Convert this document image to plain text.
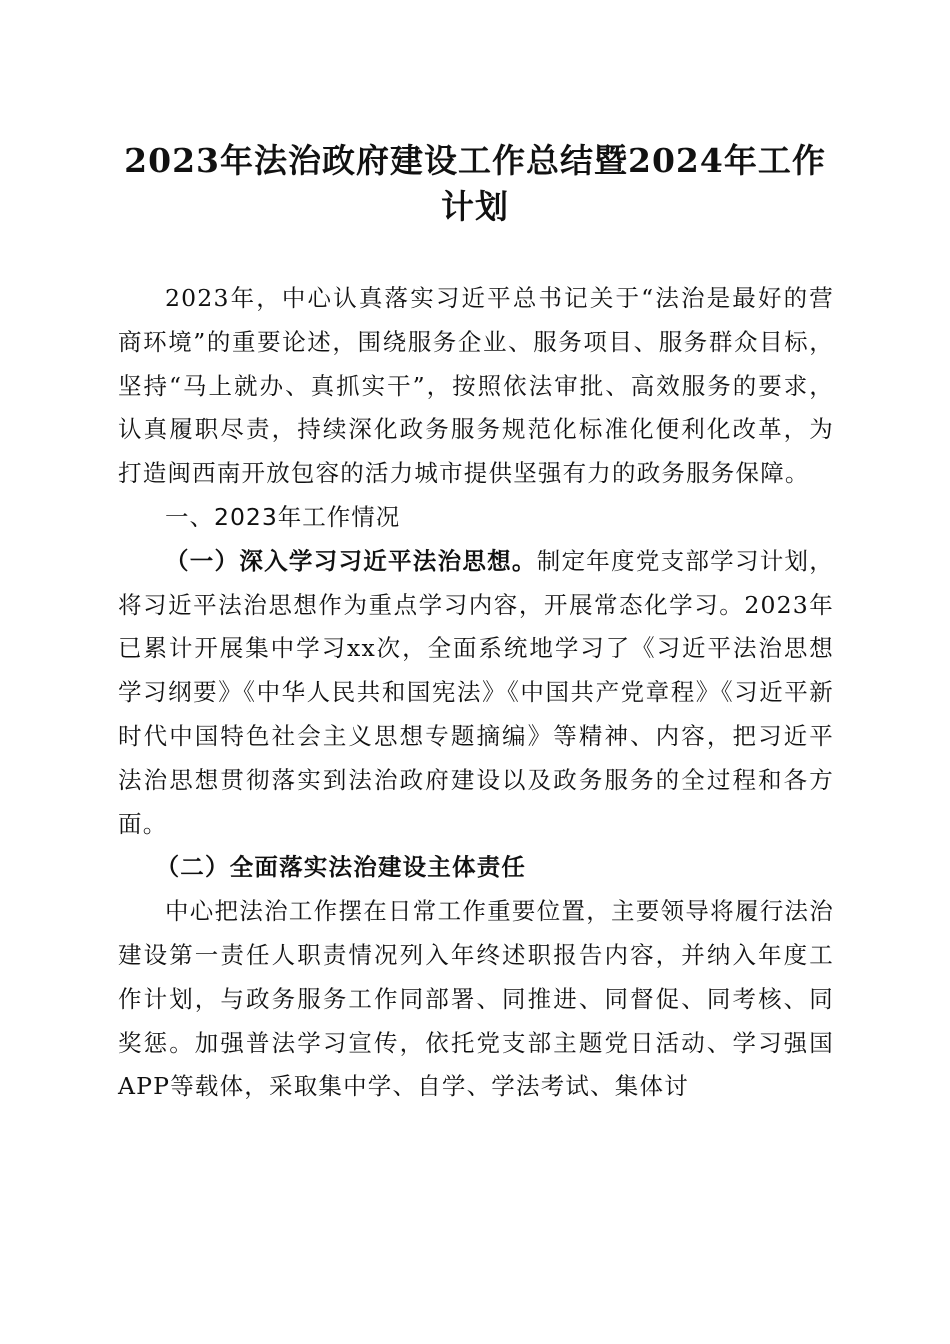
2023年法治政府建设工作总结暨2024年工作计划

2023年，中心认真落实习近平总书记关于“法治是最好的营商环境”的重要论述，围绕服务企业、服务项目、服务群众目标，坚持“马上就办、真抓实干”，按照依法审批、高效服务的要求，认真履职尽责，持续深化政务服务规范化标准化便利化改革，为打造闽西南开放包容的活力城市提供坚强有力的政务服务保障。

一、2023年工作情况

（一）深入学习习近平法治思想。制定年度党支部学习计划，将习近平法治思想作为重点学习内容，开展常态化学习。2023年已累计开展集中学习xx次，全面系统地学习了《习近平法治思想学习纲要》《中华人民共和国宪法》《中国共产党章程》《习近平新时代中国特色社会主义思想专题摘编》等精神、内容，把习近平法治思想贯彻落实到法治政府建设以及政务服务的全过程和各方面。

（二）全面落实法治建设主体责任

中心把法治工作摆在日常工作重要位置，主要领导将履行法治建设第一责任人职责情况列入年终述职报告内容，并纳入年度工作计划，与政务服务工作同部署、同推进、同督促、同考核、同奖惩。加强普法学习宣传，依托党支部主题党日活动、学习强国APP等载体，采取集中学、自学、学法考试、集体讨
